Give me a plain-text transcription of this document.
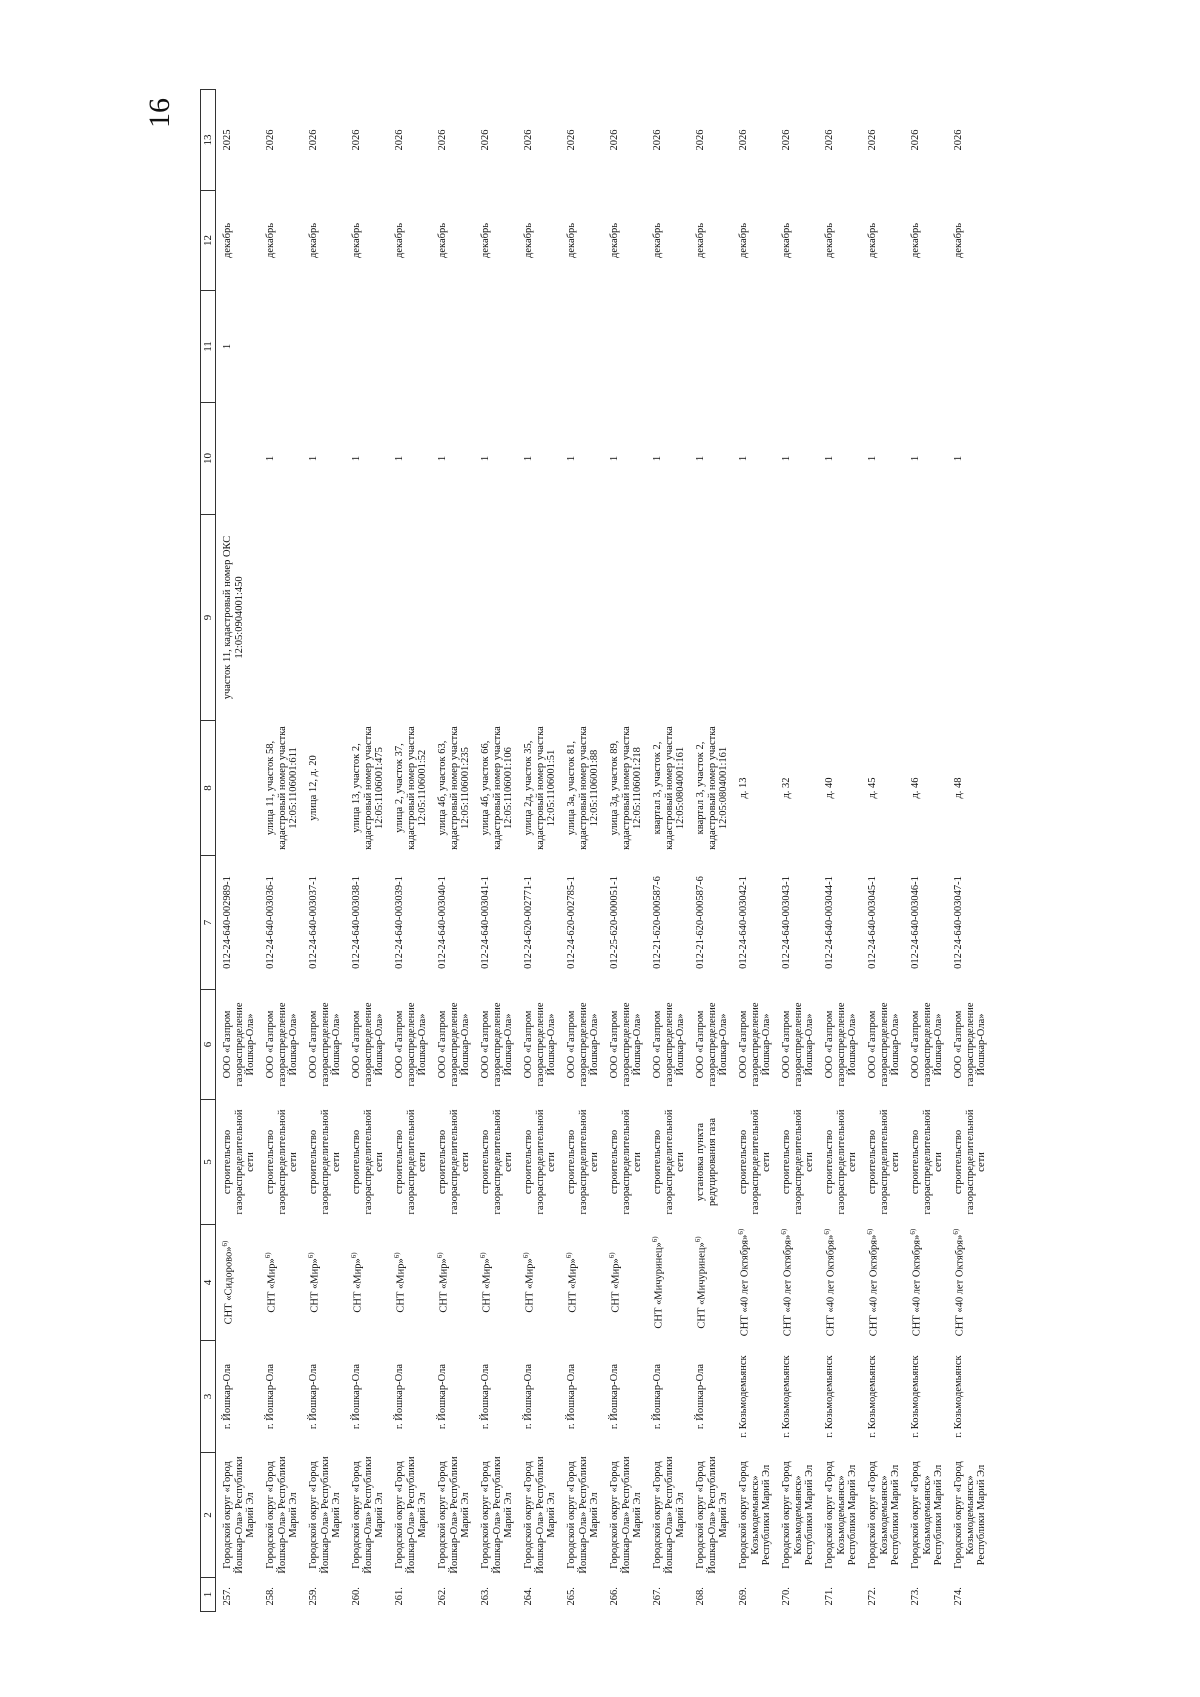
16
1	2	3	4	5	6	7	8	9	10	11	12	13
257.	Городской округ «Город Йошкар-Ола» Республики Марий Эл	г. Йошкар-Ола	СНТ «Сидорово»$^{6)}$	строительство газораспределительной сети	ООО «Газпром газораспределение Йошкар-Ола»	012-24-640-002989-1		участок 11, кадастровый номер ОКС 12:05:0904001:450		1	декабрь	2025
258.	Городской округ «Город Йошкар-Ола» Республики Марий Эл	г. Йошкар-Ола	СНТ «Мир»$^{6)}$	строительство газораспределительной сети	ООО «Газпром газораспределение Йошкар-Ола»	012-24-640-003036-1	улица 11, участок 58, кадастровый номер участка 12:05:1106001:611		1		декабрь	2026
259.	Городской округ «Город Йошкар-Ола» Республики Марий Эл	г. Йошкар-Ола	СНТ «Мир»$^{6)}$	строительство газораспределительной сети	ООО «Газпром газораспределение Йошкар-Ола»	012-24-640-003037-1	улица 12, д. 20		1		декабрь	2026
260.	Городской округ «Город Йошкар-Ола» Республики Марий Эл	г. Йошкар-Ола	СНТ «Мир»$^{6)}$	строительство газораспределительной сети	ООО «Газпром газораспределение Йошкар-Ола»	012-24-640-003038-1	улица 13, участок 2, кадастровый номер участка 12:05:1106001:475		1		декабрь	2026
261.	Городской округ «Город Йошкар-Ола» Республики Марий Эл	г. Йошкар-Ола	СНТ «Мир»$^{6)}$	строительство газораспределительной сети	ООО «Газпром газораспределение Йошкар-Ола»	012-24-640-003039-1	улица 2, участок 37, кадастровый номер участка 12:05:1106001:52		1		декабрь	2026
262.	Городской округ «Город Йошкар-Ола» Республики Марий Эл	г. Йошкар-Ола	СНТ «Мир»$^{6)}$	строительство газораспределительной сети	ООО «Газпром газораспределение Йошкар-Ола»	012-24-640-003040-1	улица 4б, участок 63, кадастровый номер участка 12:05:1106001:235		1		декабрь	2026
263.	Городской округ «Город Йошкар-Ола» Республики Марий Эл	г. Йошкар-Ола	СНТ «Мир»$^{6)}$	строительство газораспределительной сети	ООО «Газпром газораспределение Йошкар-Ола»	012-24-640-003041-1	улица 4б, участок 66, кадастровый номер участка 12:05:1106001:106		1		декабрь	2026
264.	Городской округ «Город Йошкар-Ола» Республики Марий Эл	г. Йошкар-Ола	СНТ «Мир»$^{6)}$	строительство газораспределительной сети	ООО «Газпром газораспределение Йошкар-Ола»	012-24-620-002771-1	улица 2д, участок 35, кадастровый номер участка 12:05:1106001:51		1		декабрь	2026
265.	Городской округ «Город Йошкар-Ола» Республики Марий Эл	г. Йошкар-Ола	СНТ «Мир»$^{6)}$	строительство газораспределительной сети	ООО «Газпром газораспределение Йошкар-Ола»	012-24-620-002785-1	улица 3а, участок 81, кадастровый номер участка 12:05:1106001:88		1		декабрь	2026
266.	Городской округ «Город Йошкар-Ола» Республики Марий Эл	г. Йошкар-Ола	СНТ «Мир»$^{6)}$	строительство газораспределительной сети	ООО «Газпром газораспределение Йошкар-Ола»	012-25-620-000051-1	улица 3д, участок 89, кадастровый номер участка 12:05:1106001:218		1		декабрь	2026
267.	Городской округ «Город Йошкар-Ола» Республики Марий Эл	г. Йошкар-Ола	СНТ «Мичуринец»$^{6)}$	строительство газораспределительной сети	ООО «Газпром газораспределение Йошкар-Ола»	012-21-620-000587-6	квартал 3, участок 2, кадастровый номер участка 12:05:0804001:161		1		декабрь	2026
268.	Городской округ «Город Йошкар-Ола» Республики Марий Эл	г. Йошкар-Ола	СНТ «Мичуринец»$^{6)}$	установка пункта редуцирования газа	ООО «Газпром газораспределение Йошкар-Ола»	012-21-620-000587-6	квартал 3, участок 2, кадастровый номер участка 12:05:0804001:161		1		декабрь	2026
269.	Городской округ «Город Козьмодемьянск» Республики Марий Эл	г. Козьмодемьянск	СНТ «40 лет Октября»$^{6)}$	строительство газораспределительной сети	ООО «Газпром газораспределение Йошкар-Ола»	012-24-640-003042-1	д. 13		1		декабрь	2026
270.	Городской округ «Город Козьмодемьянск» Республики Марий Эл	г. Козьмодемьянск	СНТ «40 лет Октября»$^{6)}$	строительство газораспределительной сети	ООО «Газпром газораспределение Йошкар-Ола»	012-24-640-003043-1	д. 32		1		декабрь	2026
271.	Городской округ «Город Козьмодемьянск» Республики Марий Эл	г. Козьмодемьянск	СНТ «40 лет Октября»$^{6)}$	строительство газораспределительной сети	ООО «Газпром газораспределение Йошкар-Ола»	012-24-640-003044-1	д. 40		1		декабрь	2026
272.	Городской округ «Город Козьмодемьянск» Республики Марий Эл	г. Козьмодемьянск	СНТ «40 лет Октября»$^{6)}$	строительство газораспределительной сети	ООО «Газпром газораспределение Йошкар-Ола»	012-24-640-003045-1	д. 45		1		декабрь	2026
273.	Городской округ «Город Козьмодемьянск» Республики Марий Эл	г. Козьмодемьянск	СНТ «40 лет Октября»$^{6)}$	строительство газораспределительной сети	ООО «Газпром газораспределение Йошкар-Ола»	012-24-640-003046-1	д. 46		1		декабрь	2026
274.	Городской округ «Город Козьмодемьянск» Республики Марий Эл	г. Козьмодемьянск	СНТ «40 лет Октября»$^{6)}$	строительство газораспределительной сети	ООО «Газпром газораспределение Йошкар-Ола»	012-24-640-003047-1	д. 48		1		декабрь	2026
